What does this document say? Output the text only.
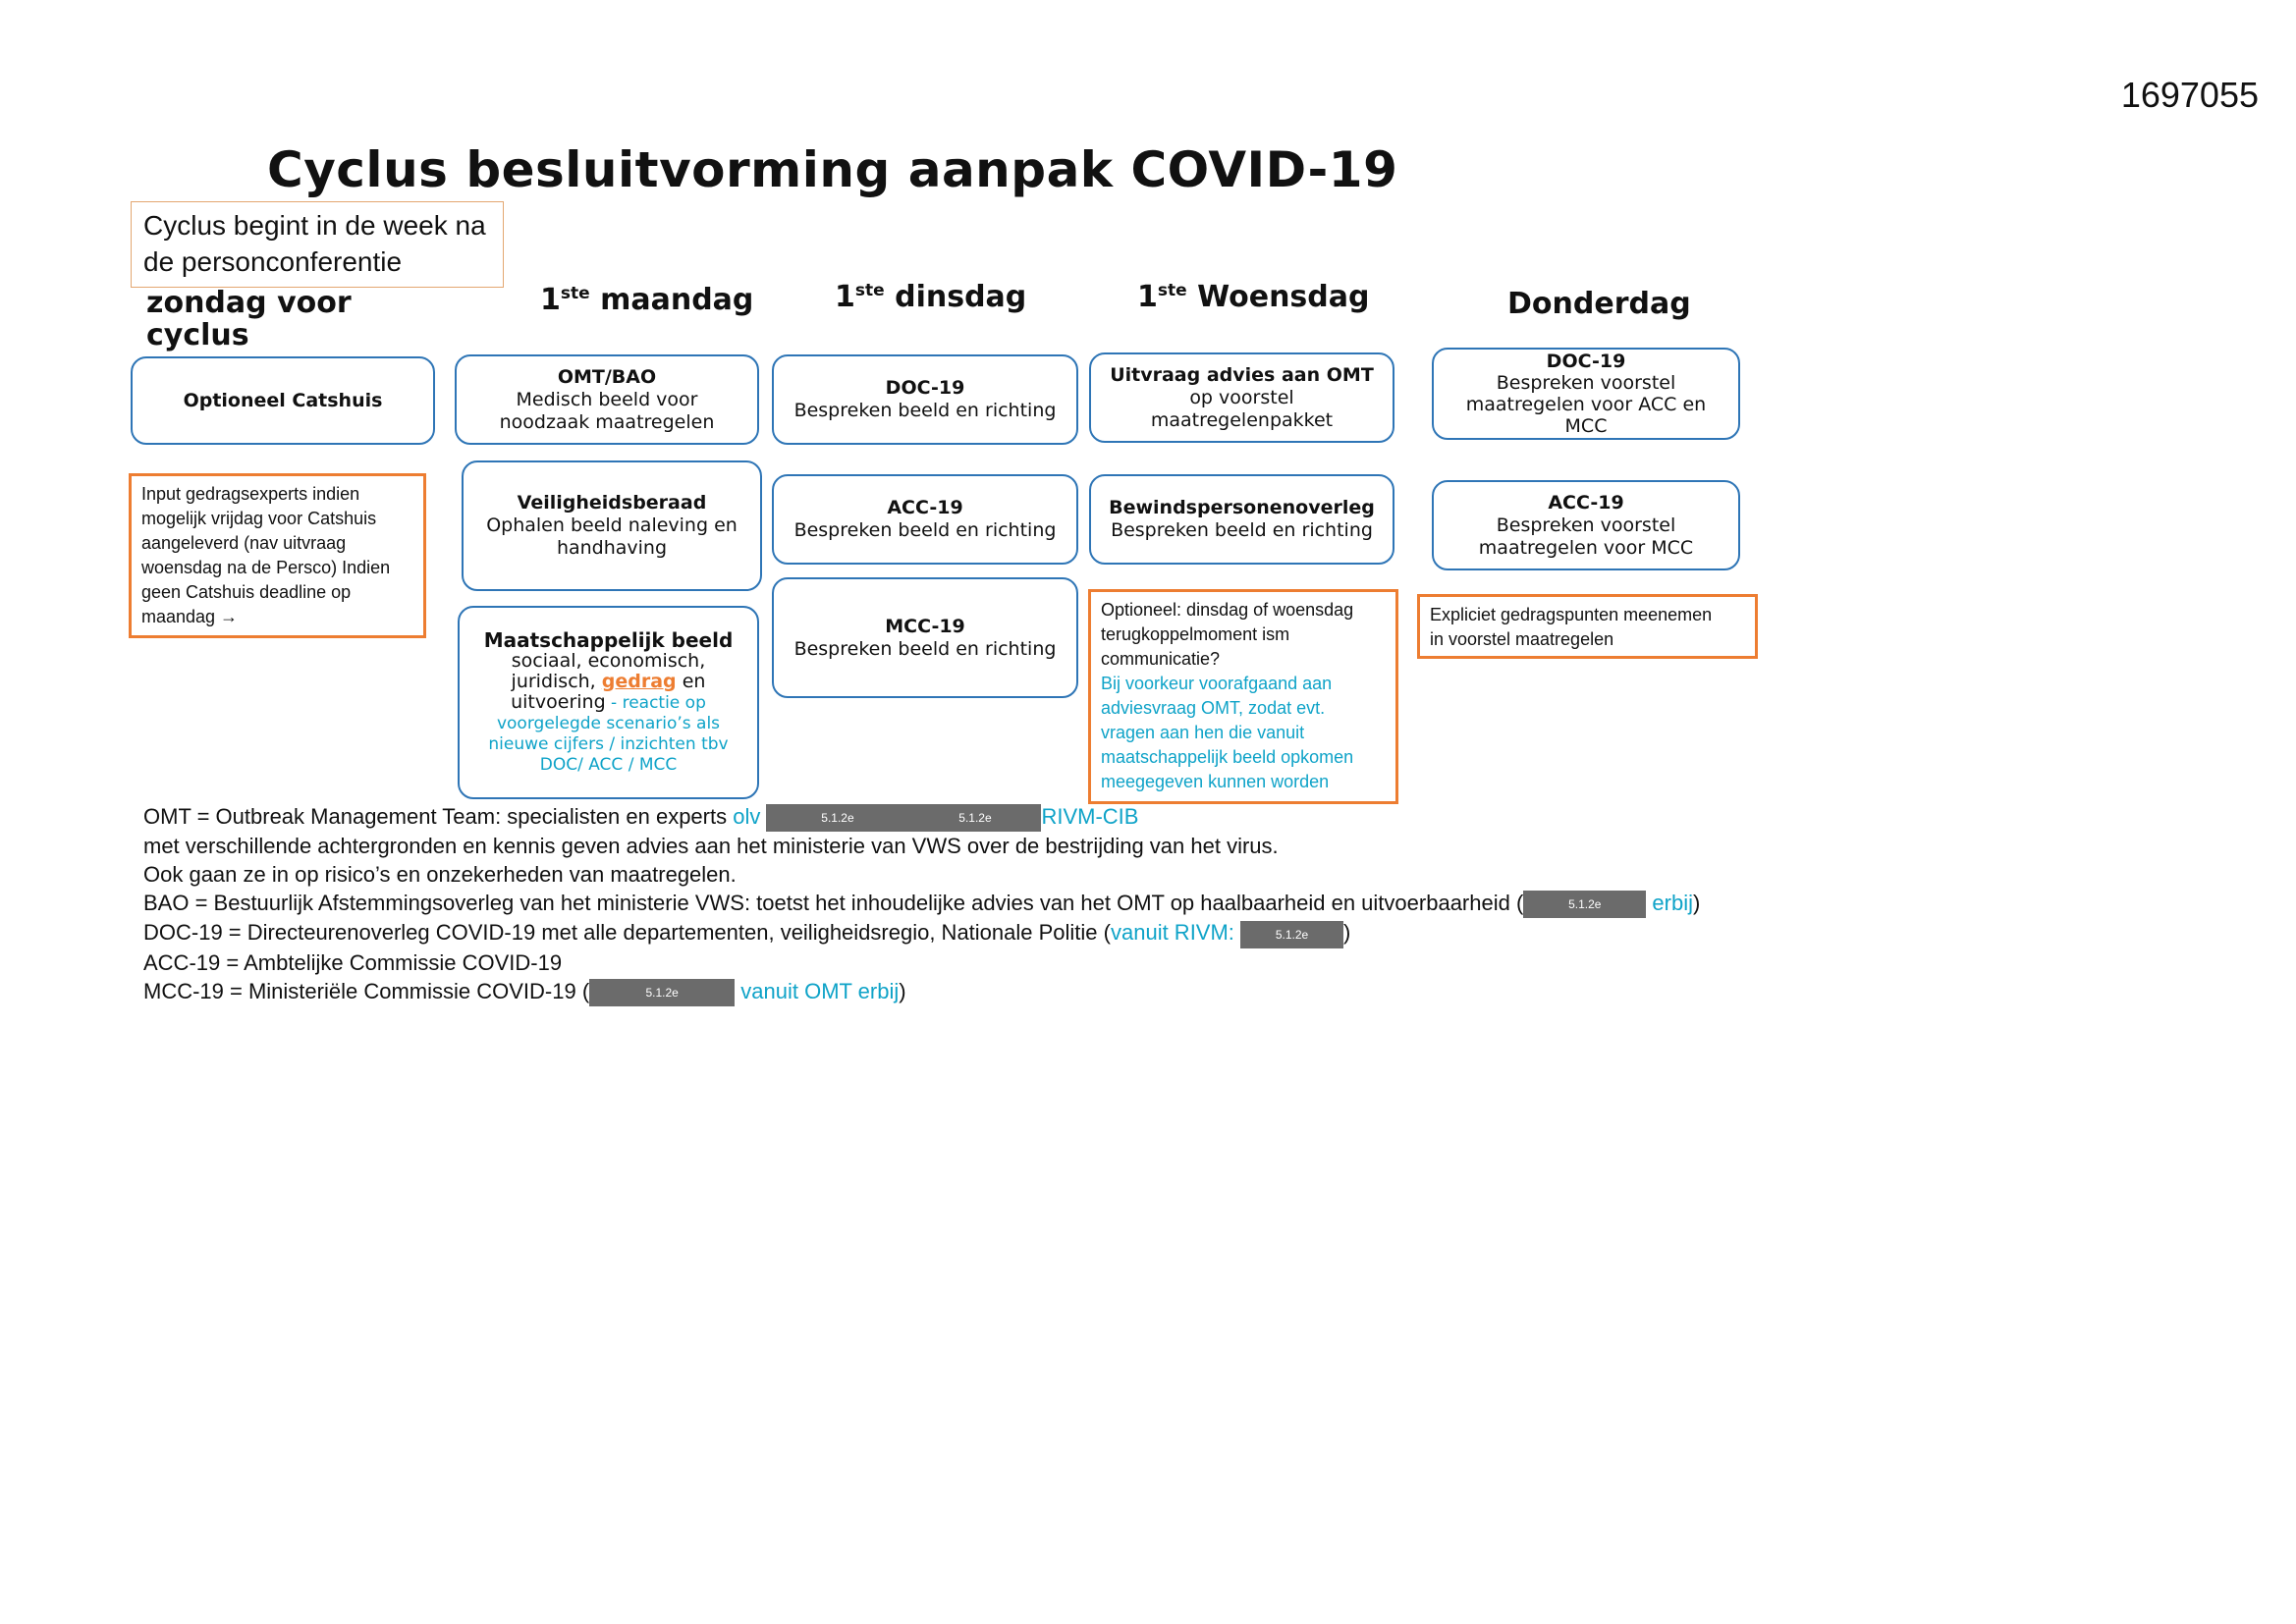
1697055
Cyclus besluitvorming aanpak COVID-19
Cyclus begint in de week na
de personconferentie
zondag voor cyclus
1ste maandag	1ste dinsdag	1ste Woensdag	Donderdag
Optioneel Catshuis
Input gedragsexperts indien
mogelijk vrijdag voor Catshuis
aangeleverd (nav uitvraag
woensdag na de Persco) Indien
geen Catshuis deadline op
maandag →
OMT/BAO
Medisch beeld voor
noodzaak maatregelen
Veiligheidsberaad
Ophalen beeld naleving en
handhaving
Maatschappelijk beeld
sociaal, economisch,
juridisch, gedrag en
uitvoering - reactie op
voorgelegde scenario’s als
nieuwe cijfers / inzichten tbv
DOC/ ACC / MCC
DOC-19
Bespreken beeld en richting
ACC-19
Bespreken beeld en richting
MCC-19
Bespreken beeld en richting
Uitvraag advies aan OMT
op voorstel
maatregelenpakket
Bewindspersonenoverleg
Bespreken beeld en richting
Optioneel: dinsdag of woensdag
terugkoppelmoment ism
communicatie?
Bij voorkeur voorafgaand aan
adviesvraag OMT, zodat evt.
vragen aan hen die vanuit
maatschappelijk beeld opkomen
meegegeven kunnen worden
DOC-19
Bespreken voorstel
maatregelen voor ACC en
MCC
ACC-19
Bespreken voorstel
maatregelen voor MCC
Expliciet gedragspunten meenemen
in voorstel maatregelen
OMT = Outbreak Management Team: specialisten en experts olv	5.1.2e	5.1.2e RIVM-CIB
met verschillende achtergronden en kennis geven advies aan het ministerie van VWS over de bestrijding van het virus.
Ook gaan ze in op risico’s en onzekerheden van maatregelen.
BAO = Bestuurlijk Afstemmingsoverleg van het ministerie VWS: toetst het inhoudelijke advies van het OMT op haalbaarheid en uitvoerbaarheid (	5.1.2e erbij)
DOC-19 = Directeurenoverleg COVID-19 met alle departementen, veiligheidsregio, Nationale Politie (vanuit RIVM:	5.1.2e )
ACC-19 = Ambtelijke Commissie COVID-19
MCC-19 = Ministeriële Commissie COVID-19 (	5.1.2e	vanuit OMT erbij)
